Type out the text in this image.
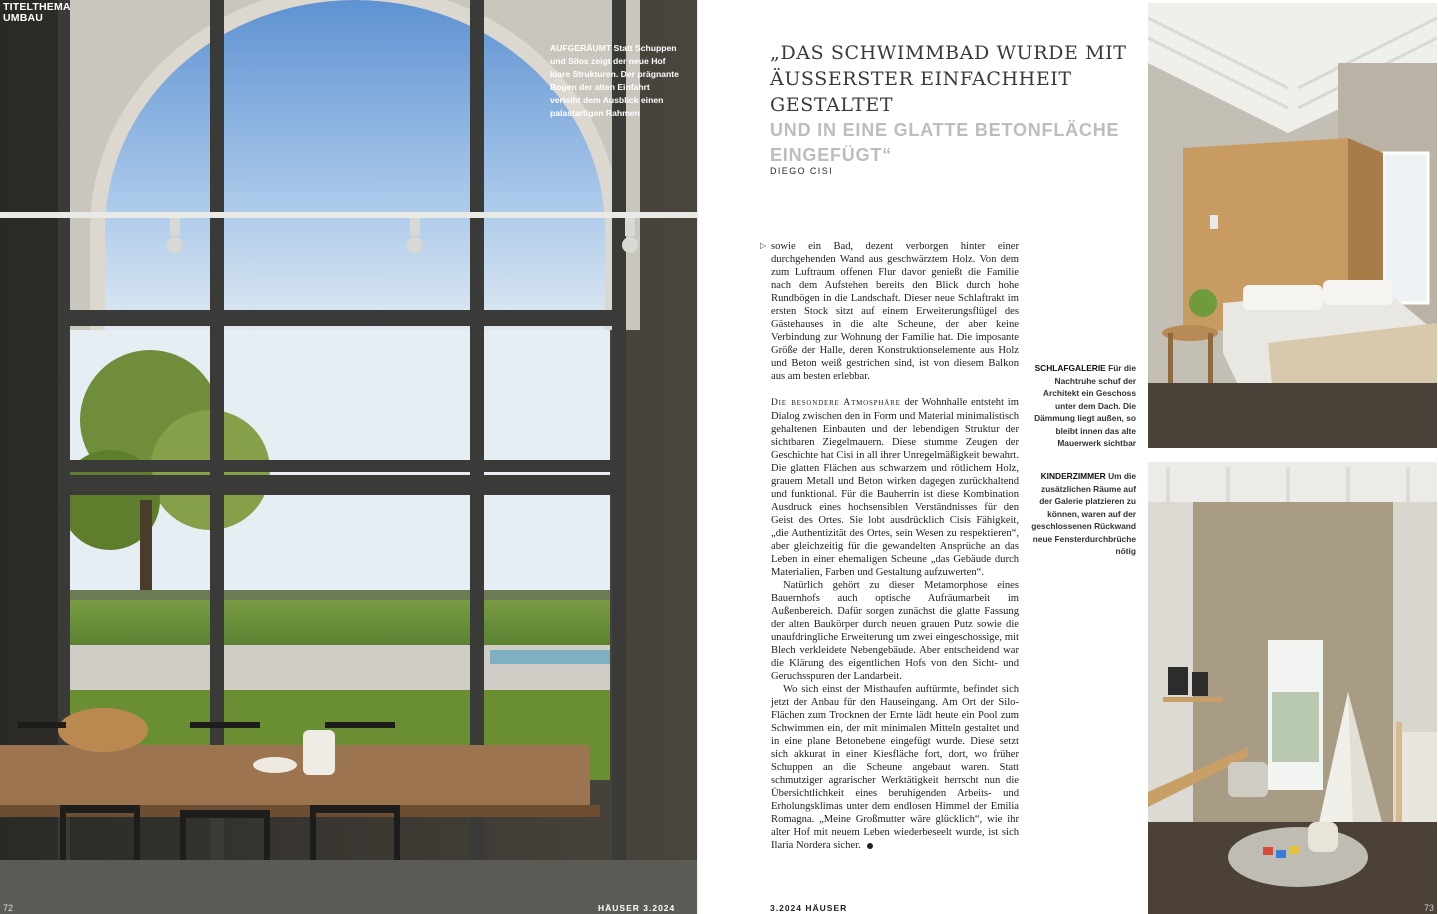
TITELTHEMA
UMBAU
AUFGERÄUMT Statt Schuppen und Silos zeigt der neue Hof klare Strukturen. Der prägnante Bogen der alten Einfahrt verleiht dem Ausblick einen palastartigen Rahmen
72	HÄUSER 3.2024
„DAS SCHWIMMBAD WURDE MIT ÄUSSERSTER EINFACHHEIT GESTALTET
UND IN EINE GLATTE BETONFLÄCHE EINGEFÜGT“
DIEGO CISI
▷ sowie ein Bad, dezent verborgen hinter einer durchgehenden Wand aus geschwärztem Holz. Von dem zum Luftraum offenen Flur davor genießt die Familie nach dem Aufstehen bereits den Blick durch hohe Rundbögen in die Landschaft. Dieser neue Schlaftrakt im ersten Stock sitzt auf einem Erweiterungsflügel des Gästehauses in die alte Scheune, der aber keine Verbindung zur Wohnung der Familie hat. Die imposante Größe der Halle, deren Konstruktionselemente aus Holz und Beton weiß gestrichen sind, ist von diesem Balkon aus am besten erlebbar.

Die besondere Atmosphäre der Wohnhalle entsteht im Dialog zwischen den in Form und Material minimalistisch gehaltenen Einbauten und der lebendigen Struktur der sichtbaren Ziegelmauern. Diese stumme Zeugen der Geschichte hat Cisi in all ihrer Unregelmäßigkeit bewahrt. Die glatten Flächen aus schwarzem und rötlichem Holz, grauem Metall und Beton wirken dagegen zurückhaltend und funktional. Für die Bauherrin ist diese Kombination Ausdruck eines hochsensiblen Verständnisses für den Geist des Ortes. Sie lobt ausdrücklich Cisis Fähigkeit, „die Authentizität des Ortes, sein Wesen zu respektieren“, aber gleichzeitig für die gewandelten Ansprüche an das Leben in einer ehemaligen Scheune „das Gebäude durch Materialien, Farben und Gestaltung aufzuwerten“.

Natürlich gehört zu dieser Metamorphose eines Bauernhofs auch optische Aufräumarbeit im Außenbereich. Dafür sorgen zunächst die glatte Fassung der alten Baukörper durch neuen grauen Putz sowie die unaufdringliche Erweiterung um zwei eingeschossige, mit Blech verkleidete Nebengebäude. Aber entscheidend war die Klärung des eigentlichen Hofs von den Sicht- und Geruchsspuren der Landarbeit.

Wo sich einst der Misthaufen auftürmte, befindet sich jetzt der Anbau für den Hauseingang. Am Ort der Silo-Flächen zum Trocknen der Ernte lädt heute ein Pool zum Schwimmen ein, der mit minimalen Mitteln gestaltet und in eine plane Betonebene eingefügt wurde. Diese setzt sich akkurat in einer Kiesfläche fort, dort, wo früher Schuppen an die Scheune angebaut waren. Statt schmutziger agrarischer Werktätigkeit herrscht nun die Übersichtlichkeit eines beruhigenden Arbeits- und Erholungsklimas unter dem endlosen Himmel der Emilia Romagna. „Meine Großmutter wäre glücklich“, wie ihr alter Hof mit neuem Leben wiederbeseelt wurde, ist sich Ilaria Nordera sicher.

SCHLAFGALERIE Für die Nachtruhe schuf der Architekt ein Geschoss unter dem Dach. Die Dämmung liegt außen, so bleibt innen das alte Mauerwerk sichtbar
KINDERZIMMER Um die zusätzlichen Räume auf der Galerie platzieren zu können, waren auf der geschlossenen Rückwand neue Fensterdurchbrüche nötig
3.2024 HÄUSER	73
